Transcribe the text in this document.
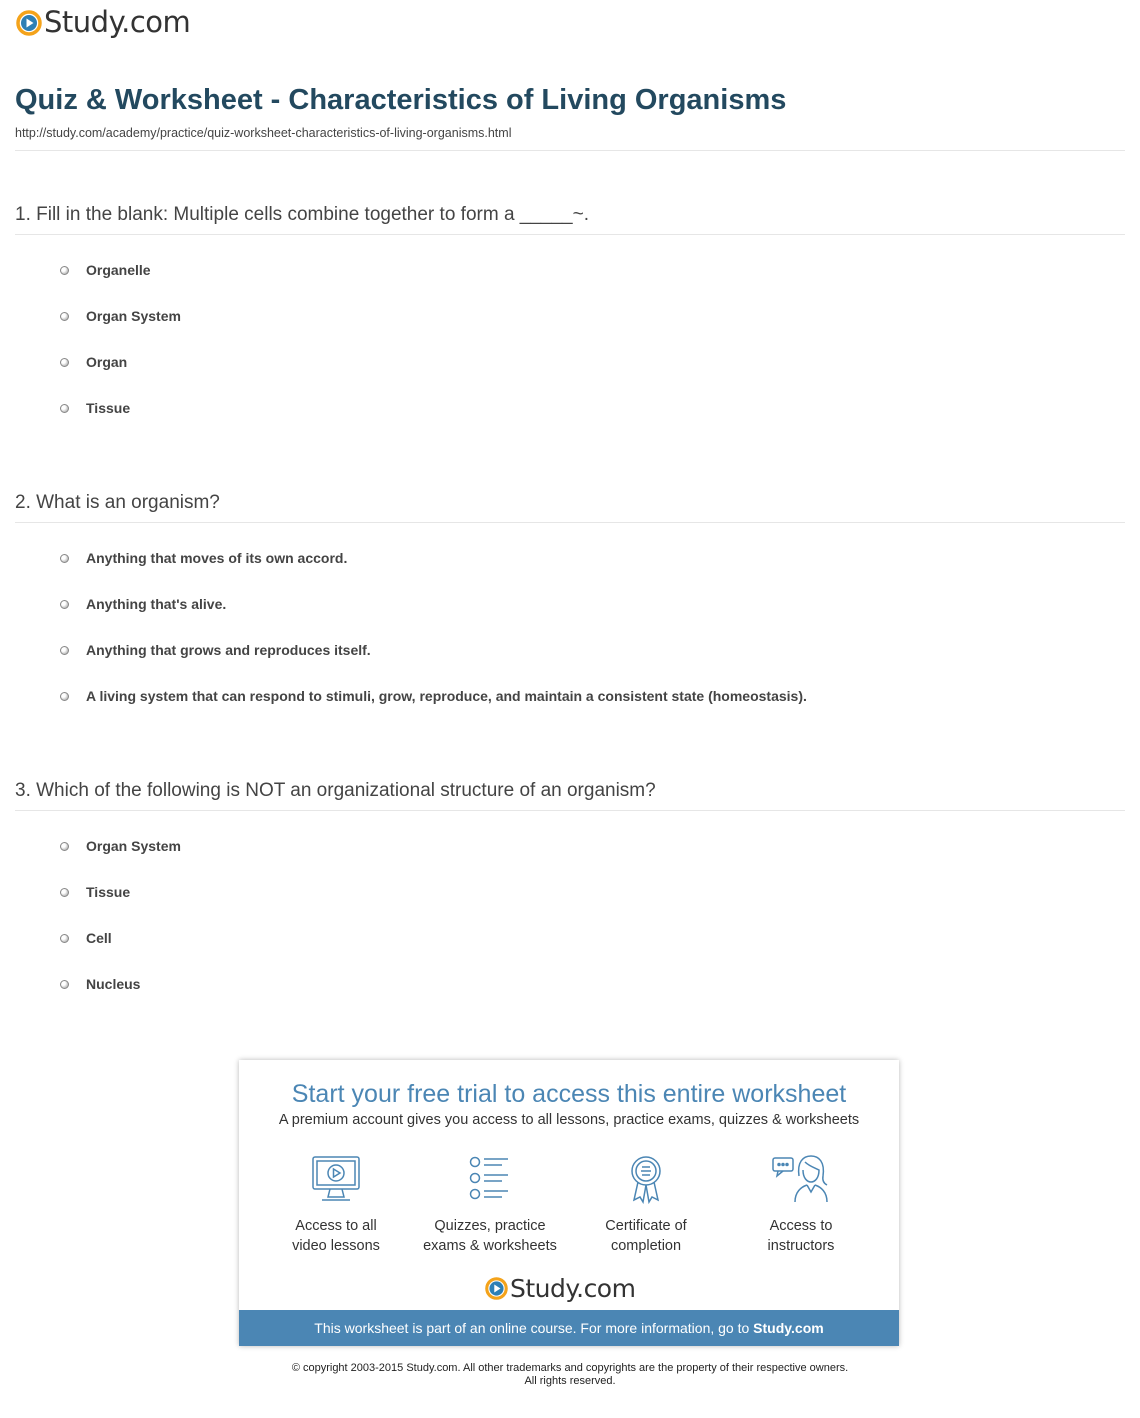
Study.com
Quiz & Worksheet - Characteristics of Living Organisms
http://study.com/academy/practice/quiz-worksheet-characteristics-of-living-organisms.html
1. Fill in the blank: Multiple cells combine together to form a _____~.
Organelle
Organ System
Organ
Tissue
2. What is an organism?
Anything that moves of its own accord.
Anything that's alive.
Anything that grows and reproduces itself.
A living system that can respond to stimuli, grow, reproduce, and maintain a consistent state (homeostasis).
3. Which of the following is NOT an organizational structure of an organism?
Organ System
Tissue
Cell
Nucleus
Start your free trial to access this entire worksheet
A premium account gives you access to all lessons, practice exams, quizzes & worksheets
Access to all
video lessons
Quizzes, practice
exams & worksheets
Certificate of
completion
Access to
instructors
Study.com
This worksheet is part of an online course. For more information, go to Study.com
© copyright 2003-2015 Study.com. All other trademarks and copyrights are the property of their respective owners.
All rights reserved.
